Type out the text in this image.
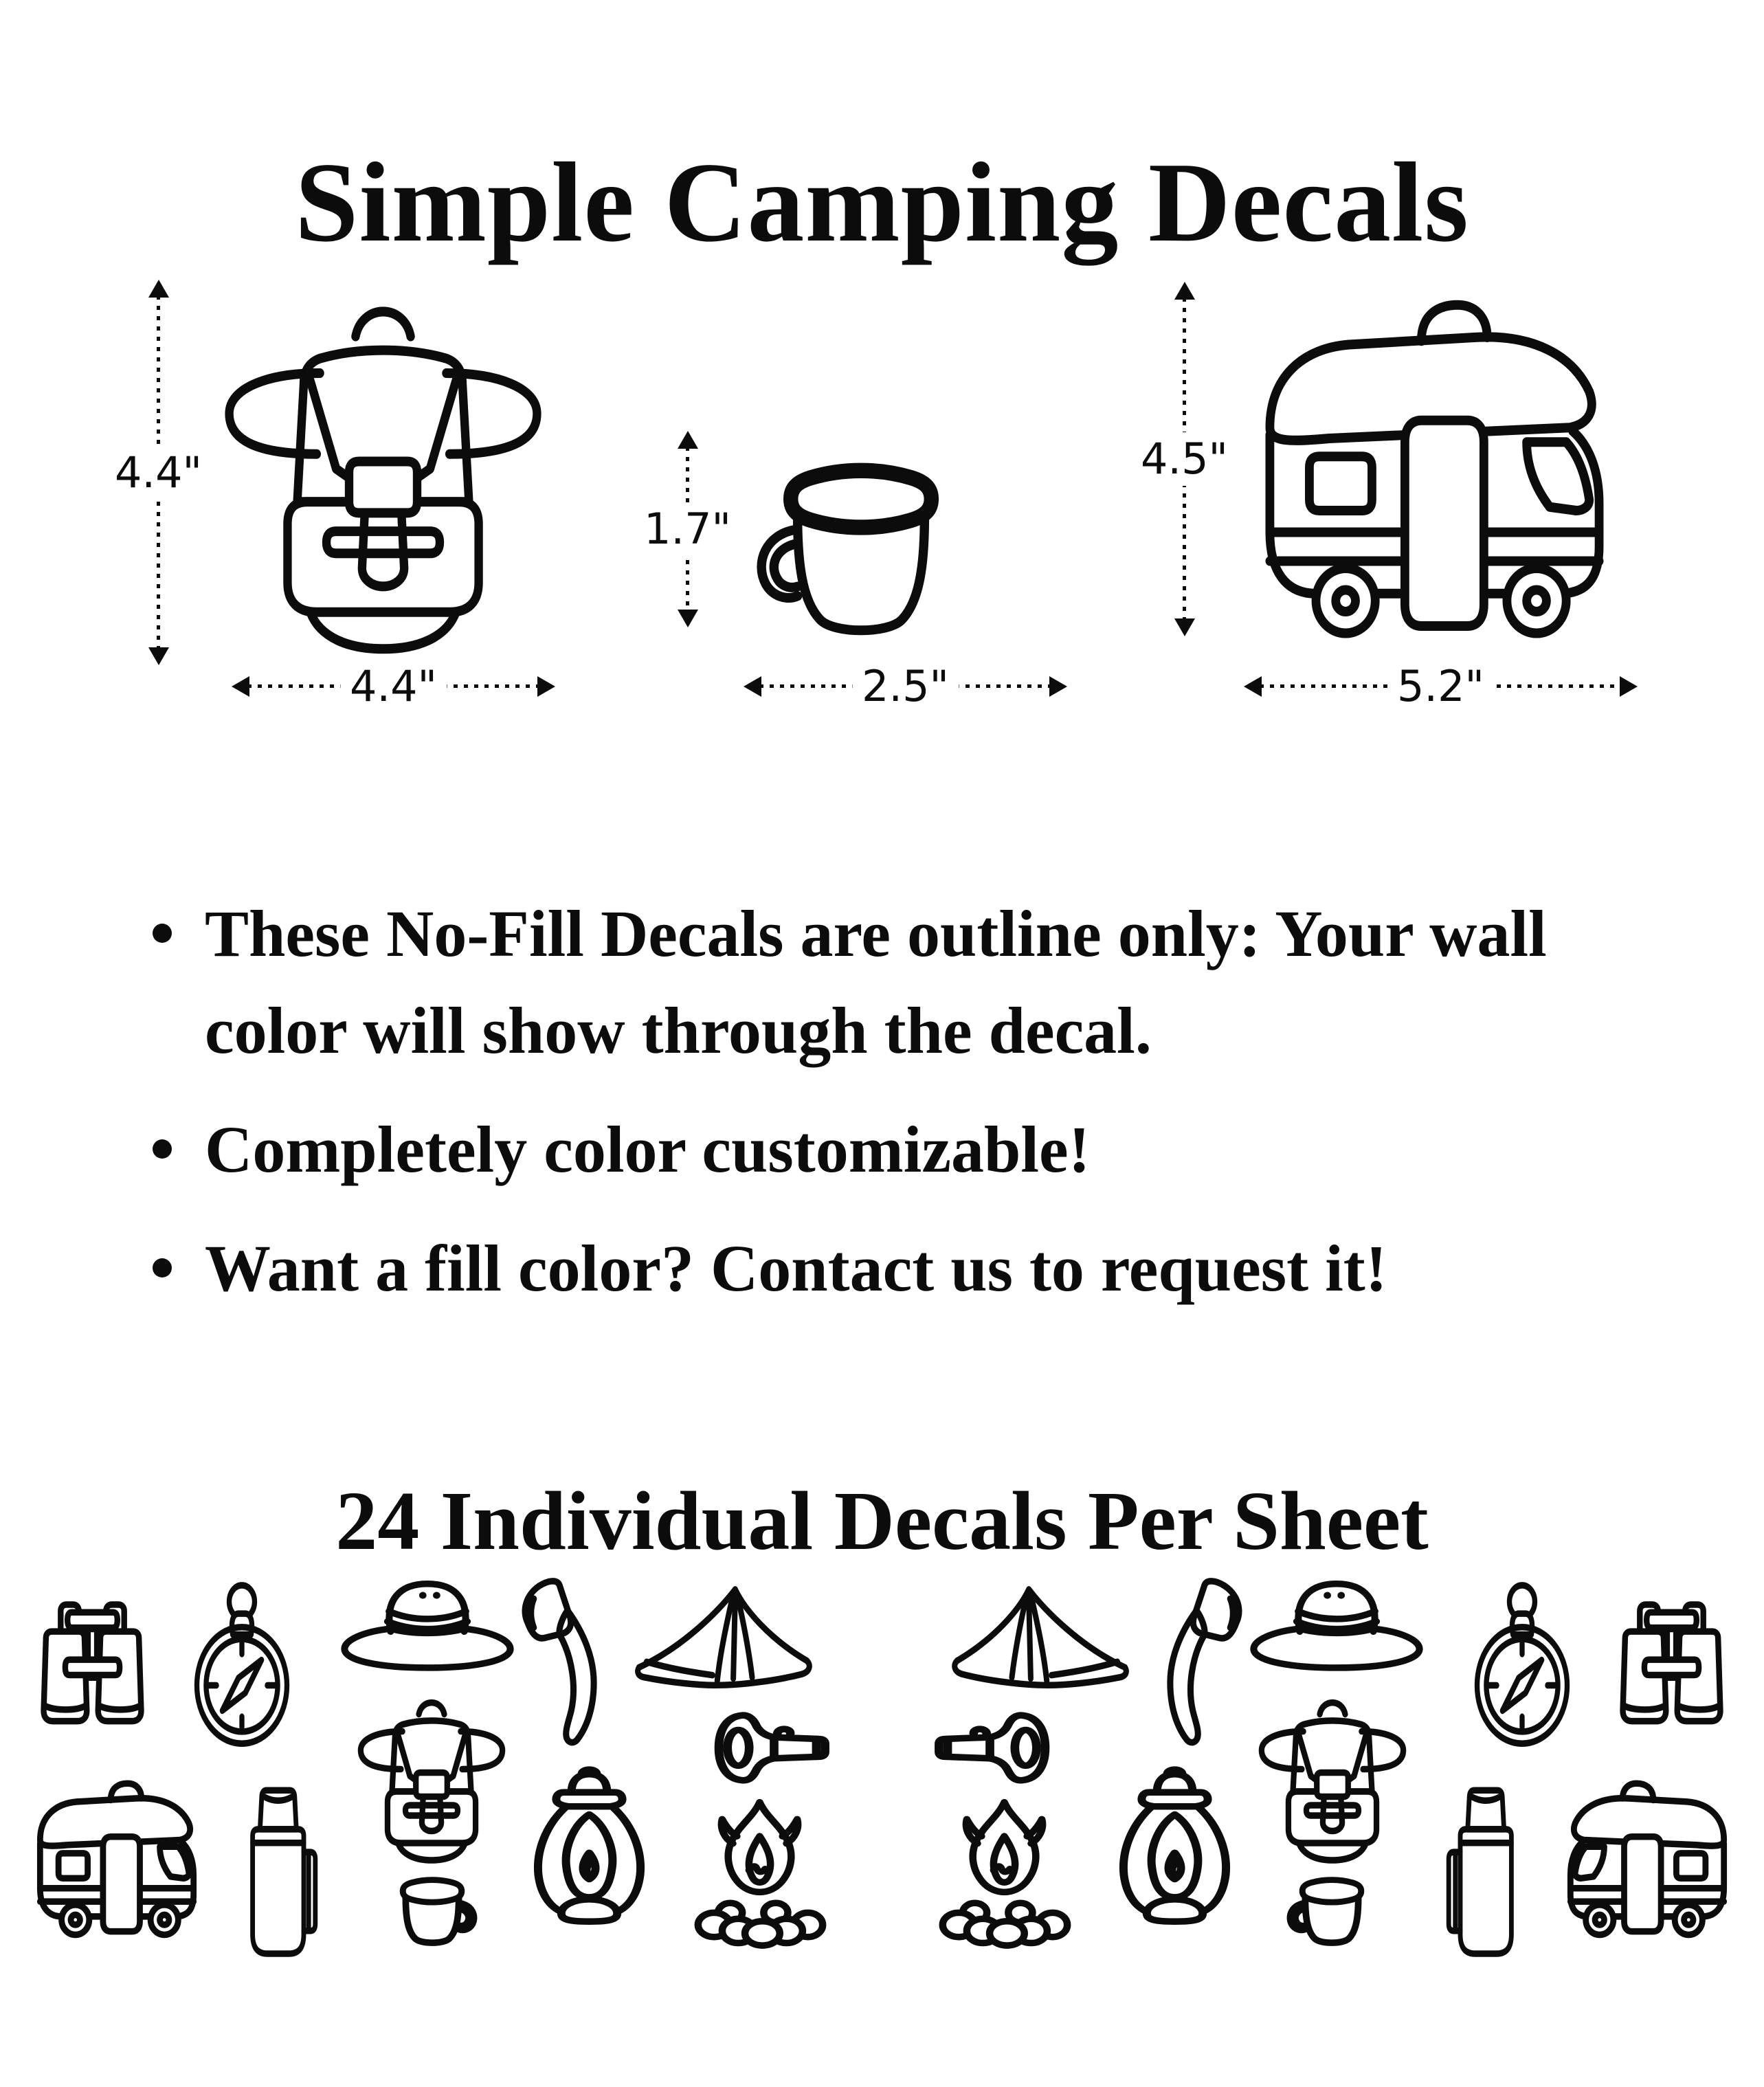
Simple Camping Decals
4.4"
4.4"
1.7"
2.5"
4.5"
5.2"
These No-Fill Decals are outline only: Your wall color will show through the decal.
Completely color customizable!
Want a fill color? Contact us to request it!
24 Individual Decals Per Sheet
